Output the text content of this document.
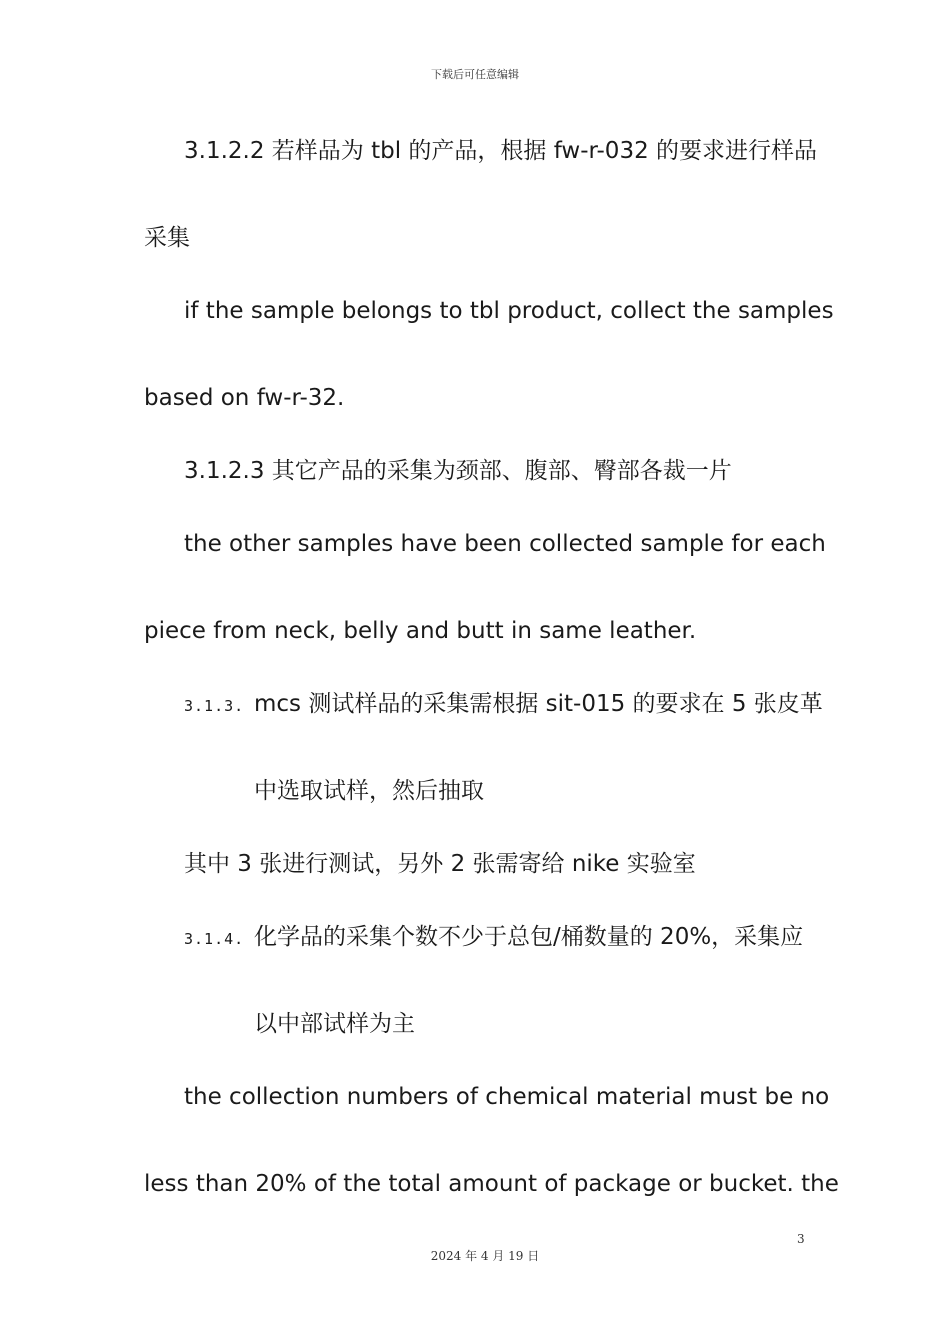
下载后可任意编辑
3.1.2.2 若样品为 tbl 的产品，根据 fw-r-032 的要求进行样品
采集
if the sample belongs to tbl product, collect the samples
based on fw-r-32.
3.1.2.3 其它产品的采集为颈部、腹部、臀部各裁一片
the other samples have been collected sample for each
piece from neck, belly and butt in same leather.
3.1.3. mcs 测试样品的采集需根据 sit-015 的要求在 5 张皮革
中选取试样，然后抽取
其中 3 张进行测试，另外 2 张需寄给 nike 实验室
3.1.4. 化学品的采集个数不少于总包/桶数量的 20%，采集应
以中部试样为主
the collection numbers of chemical material must be no
less than 20% of the total amount of package or bucket. the
3
2024 年 4 月 19 日
